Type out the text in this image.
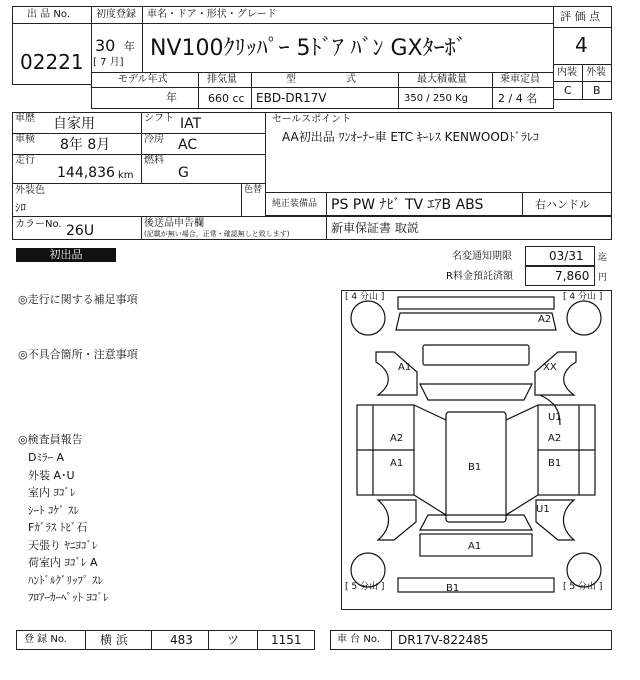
出 品 No.
02221
初度登録
30 年
[ 7 月]
車名・ドア・形状・グレード
NV100ｸﾘｯﾊﾟｰ 5ﾄﾞｱ ﾊﾞﾝ GXﾀｰﾎﾞ
評 価 点
4
内装 外装
C B
モデル年式	排気量	型	式	最大積載量	乗車定員
年	660 cc EBD-DR17V	350 / 250 Kg	2 / 4 名
車歴 自家用	シフト IAT
車検 8年 8月	冷房 AC
走行
144,836 km
燃料
G
セールスポイント
AA初出品 ﾜﾝｵｰﾅｰ車 ETC ｷｰﾚｽ KENWOODﾄﾞﾗﾚｺ
外装色
ｼﾛ
色替
純正装備品 PS PW ﾅﾋﾞ TV ｴｱB ABS	右ハンドル
カラーNo. 26U	後送品申告欄
(記載が無い場合，正常・確認無しと致します)	新車保証書 取説
初出品	名変通知期限	03/31 迄
R料金預託済額	7,860 円
◎走行に関する補足事項
◎不具合箇所・注意事項
◎検査員報告
Dﾐﾗｰ A
外装 A･U
室内 ﾖｺﾞﾚ
ｼｰﾄ ｺｹﾞ ｽﾚ
Fｶﾞﾗｽ ﾄﾋﾞ石
天張り ﾔﾆﾖｺﾞﾚ
荷室内 ﾖｺﾞﾚ A
ﾊﾝﾄﾞﾙｸﾞﾘｯﾌﾟ ｽﾚ
ﾌﾛｱｰｶｰﾍﾟｯﾄ ﾖｺﾞﾚ
[ 4 分山 ]	[ 4 分山 ]
[ 5 分山 ]	[ 5 分山 ]
A2
A1	XX
U1
A2	A2
A1	B1	B1
U1
A1
B1
登 録 No.	横 浜	483	ツ	1151	車 台 No. DR17V-822485
